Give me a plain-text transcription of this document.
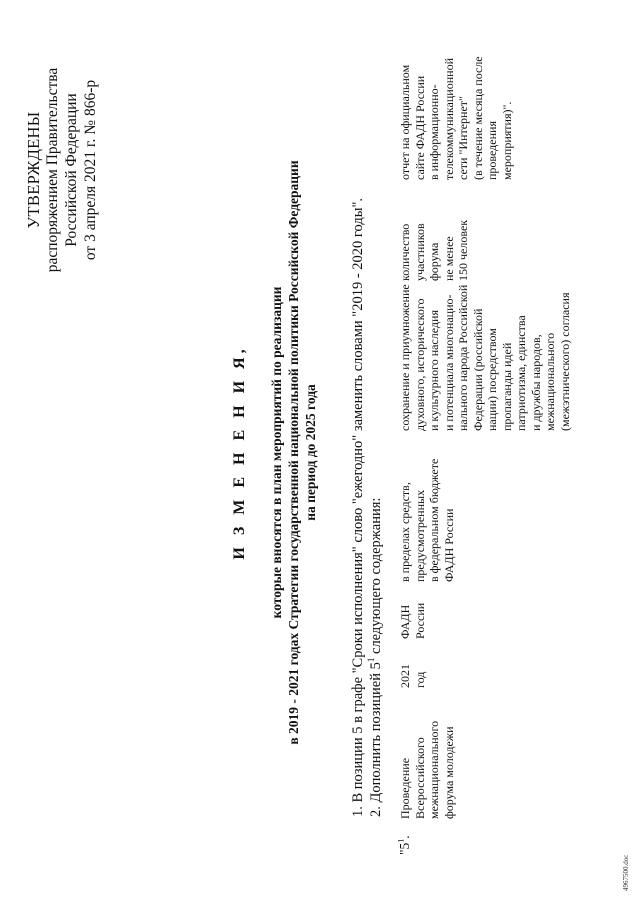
УТВЕРЖДЕНЫ распоряжением Правительства Российской Федерации от 3 апреля 2021 г. № 866-р
И З М Е Н Е Н И Я, которые вносятся в план мероприятий по реализации в 2019 - 2021 годах Стратегии государственной национальной политики Российской Федерации на период до 2025 года 1. В позиции 5 в графе "Сроки исполнения" слово "ежегодно" заменить словами "2019 - 2020 годы". 2. Дополнить позицией $5^1$ следующего содержания:
"$5^1$.
Проведение Всероссийского межнационального форума молодежи
2021 год
ФАДН России
в пределах средств, предусмотренных в федеральном бюджете ФАДН России
сохранение и приумножение духовного, исторического и культурного наследия и потенциала многонацио- нального народа Российской Федерации (российской нации) посредством пропаганды идей патриотизма, единства и дружбы народов, межнационального (межэтнического) согласия
количество участников форума не менее 150 человек
отчет на официальном сайте ФАДН России в информационно- телекоммуникационной сети "Интернет" (в течение месяца после проведения мероприятия)".
4967500.doc
